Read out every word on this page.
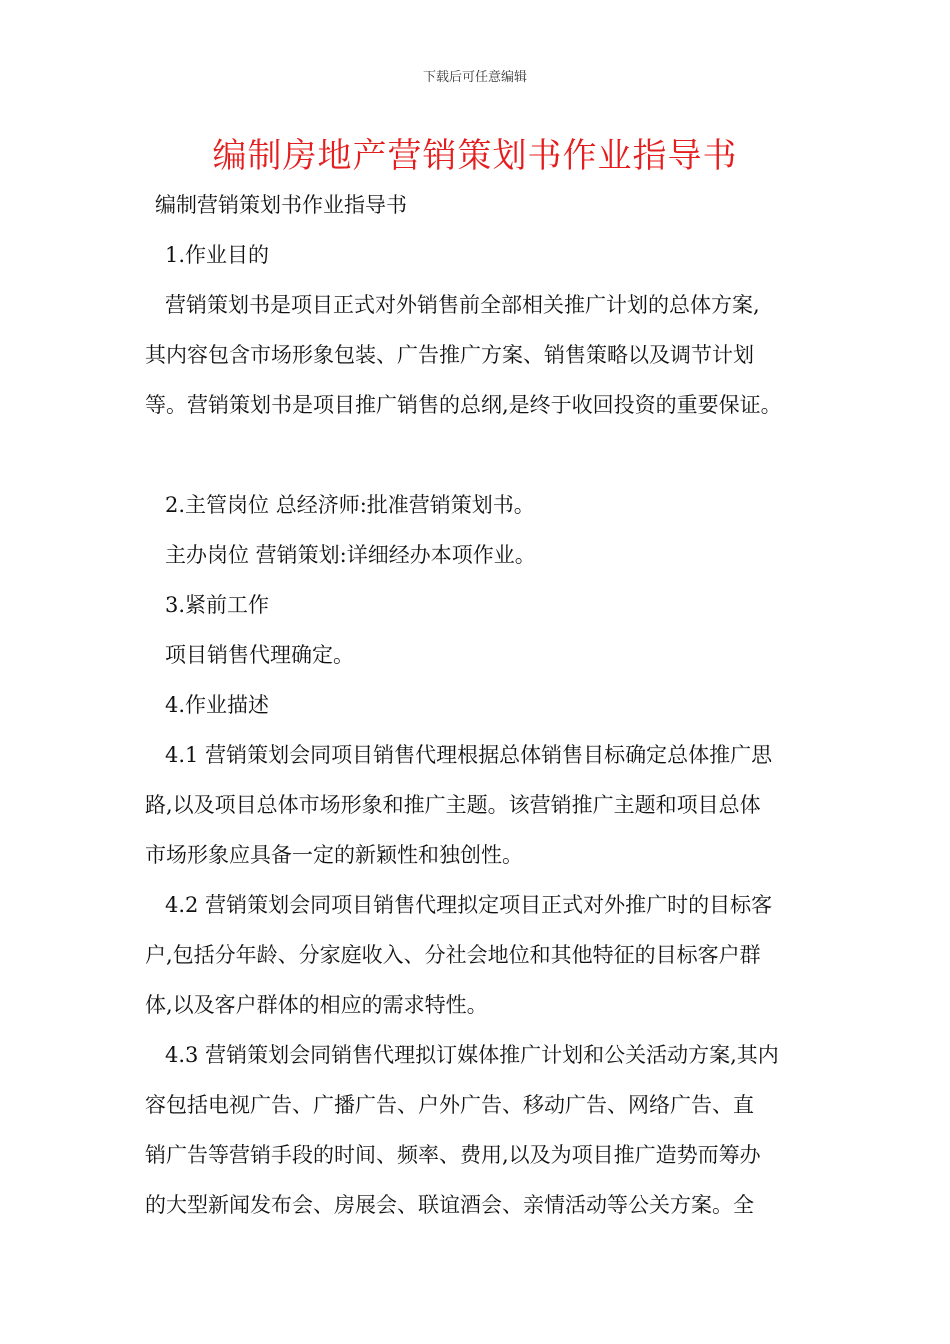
下载后可任意编辑
编制房地产营销策划书作业指导书
编制营销策划书作业指导书
1.作业目的
营销策划书是项目正式对外销售前全部相关推广计划的总体方案,
其内容包含市场形象包装、广告推广方案、销售策略以及调节计划
等。营销策划书是项目推广销售的总纲,是终于收回投资的重要保证。
2.主管岗位 总经济师:批准营销策划书。
主办岗位 营销策划:详细经办本项作业。
3.紧前工作
项目销售代理确定。
4.作业描述
4.1 营销策划会同项目销售代理根据总体销售目标确定总体推广思
路,以及项目总体市场形象和推广主题。该营销推广主题和项目总体
市场形象应具备一定的新颖性和独创性。
4.2 营销策划会同项目销售代理拟定项目正式对外推广时的目标客
户,包括分年龄、分家庭收入、分社会地位和其他特征的目标客户群
体,以及客户群体的相应的需求特性。
4.3 营销策划会同销售代理拟订媒体推广计划和公关活动方案,其内
容包括电视广告、广播广告、户外广告、移动广告、网络广告、直
销广告等营销手段的时间、频率、费用,以及为项目推广造势而筹办
的大型新闻发布会、房展会、联谊酒会、亲情活动等公关方案。全
